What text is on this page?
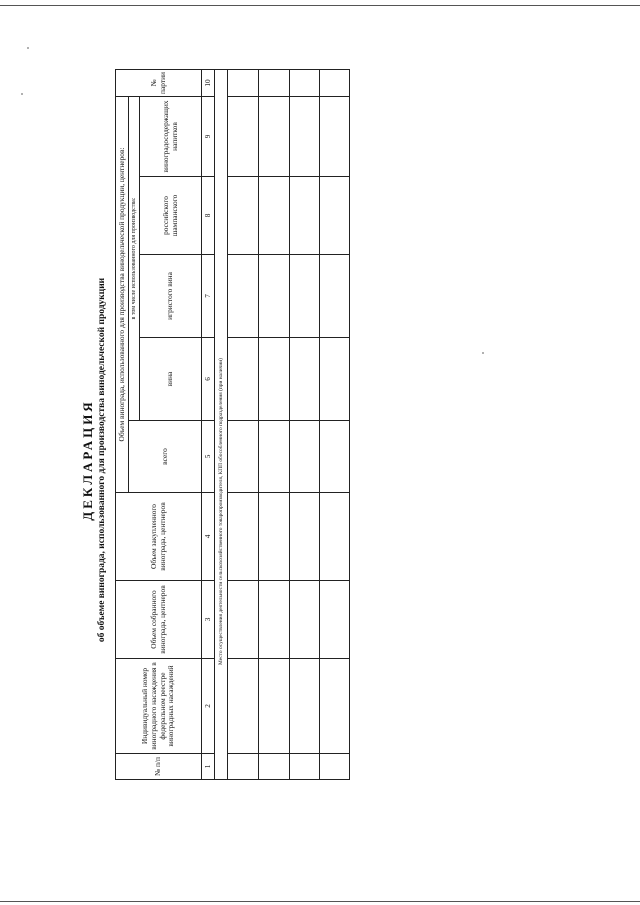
ДЕКЛАРАЦИЯ об объеме винограда, использованного для производства винодельческой продукции
№ п/п	Индивидуальный номер виноградного насаждения в федеральном реестре виноградных насаждений	Объем собранного винограда, центнеров	Объем закупленного винограда, центнеров	Объем винограда, использованного для производства винодельческой продукции, центнеров:					№ партии
				всего	в том числе использованного для производства:				
					вина	игристого вина	российского шампанского	виноградосодержащих напитков	
1	2	3	4	5	6	7	8	9	10
Место осуществления деятельности сельскохозяйственного товаропроизводителя, КПП обособленного подразделения (при наличии)									
